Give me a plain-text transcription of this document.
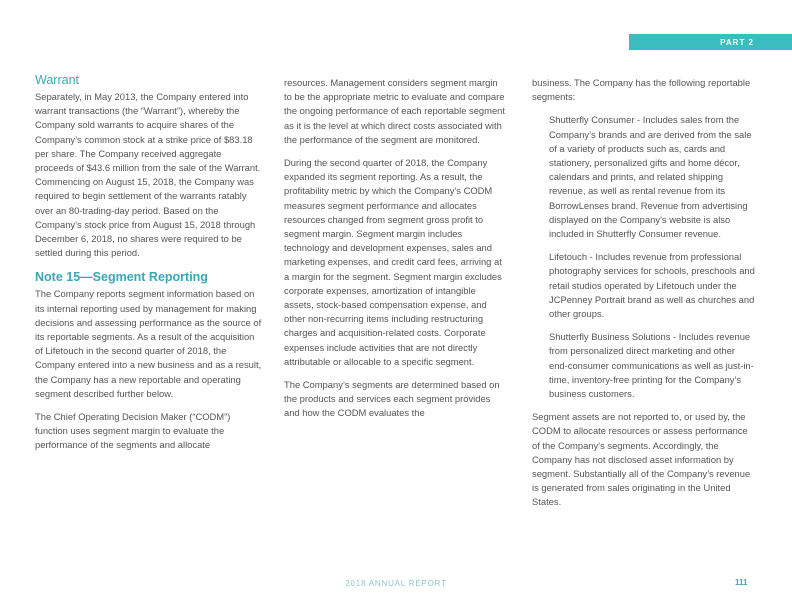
PART 2
Warrant

Separately, in May 2013, the Company entered into warrant transactions (the “Warrant”), whereby the Company sold warrants to acquire shares of the Company’s common stock at a strike price of $83.18 per share. The Company received aggregate proceeds of $43.6 million from the sale of the Warrant. Commencing on August 15, 2018, the Company was required to begin settlement of the warrants ratably over an 80-trading-day period. Based on the Company’s stock price from August 15, 2018 through December 6, 2018, no shares were required to be settled during this period.

Note 15—Segment Reporting

The Company reports segment information based on its internal reporting used by management for making decisions and assessing performance as the source of its reportable segments. As a result of the acquisition of Lifetouch in the second quarter of 2018, the Company entered into a new business and as a result, the Company has a new reportable and operating segment described further below.

The Chief Operating Decision Maker (“CODM”) function uses segment margin to evaluate the performance of the segments and allocate

resources. Management considers segment margin to be the appropriate metric to evaluate and compare the ongoing performance of each reportable segment as it is the level at which direct costs associated with the performance of the segment are monitored.

During the second quarter of 2018, the Company expanded its segment reporting. As a result, the profitability metric by which the Company’s CODM measures segment performance and allocates resources changed from segment gross profit to segment margin. Segment margin includes technology and development expenses, sales and marketing expenses, and credit card fees, arriving at a margin for the segment. Segment margin excludes corporate expenses, amortization of intangible assets, stock-based compensation expense, and other non-recurring items including restructuring charges and acquisition-related costs. Corporate expenses include activities that are not directly attributable or allocable to a specific segment.

The Company’s segments are determined based on the products and services each segment provides and how the CODM evaluates the

business. The Company has the following reportable segments:

Shutterfly Consumer - Includes sales from the Company’s brands and are derived from the sale of a variety of products such as, cards and stationery, personalized gifts and home décor, calendars and prints, and related shipping revenue, as well as rental revenue from its BorrowLenses brand. Revenue from advertising displayed on the Company’s website is also included in Shutterfly Consumer revenue.

Lifetouch - Includes revenue from professional photography services for schools, preschools and retail studios operated by Lifetouch under the JCPenney Portrait brand as well as churches and other groups.

Shutterfly Business Solutions - Includes revenue from personalized direct marketing and other end-consumer communications as well as just-in-time, inventory-free printing for the Company’s business customers.

Segment assets are not reported to, or used by, the CODM to allocate resources or assess performance of the Company’s segments. Accordingly, the Company has not disclosed asset information by segment. Substantially all of the Company’s revenue is generated from sales originating in the United States.

2018 ANNUAL REPORT	111
